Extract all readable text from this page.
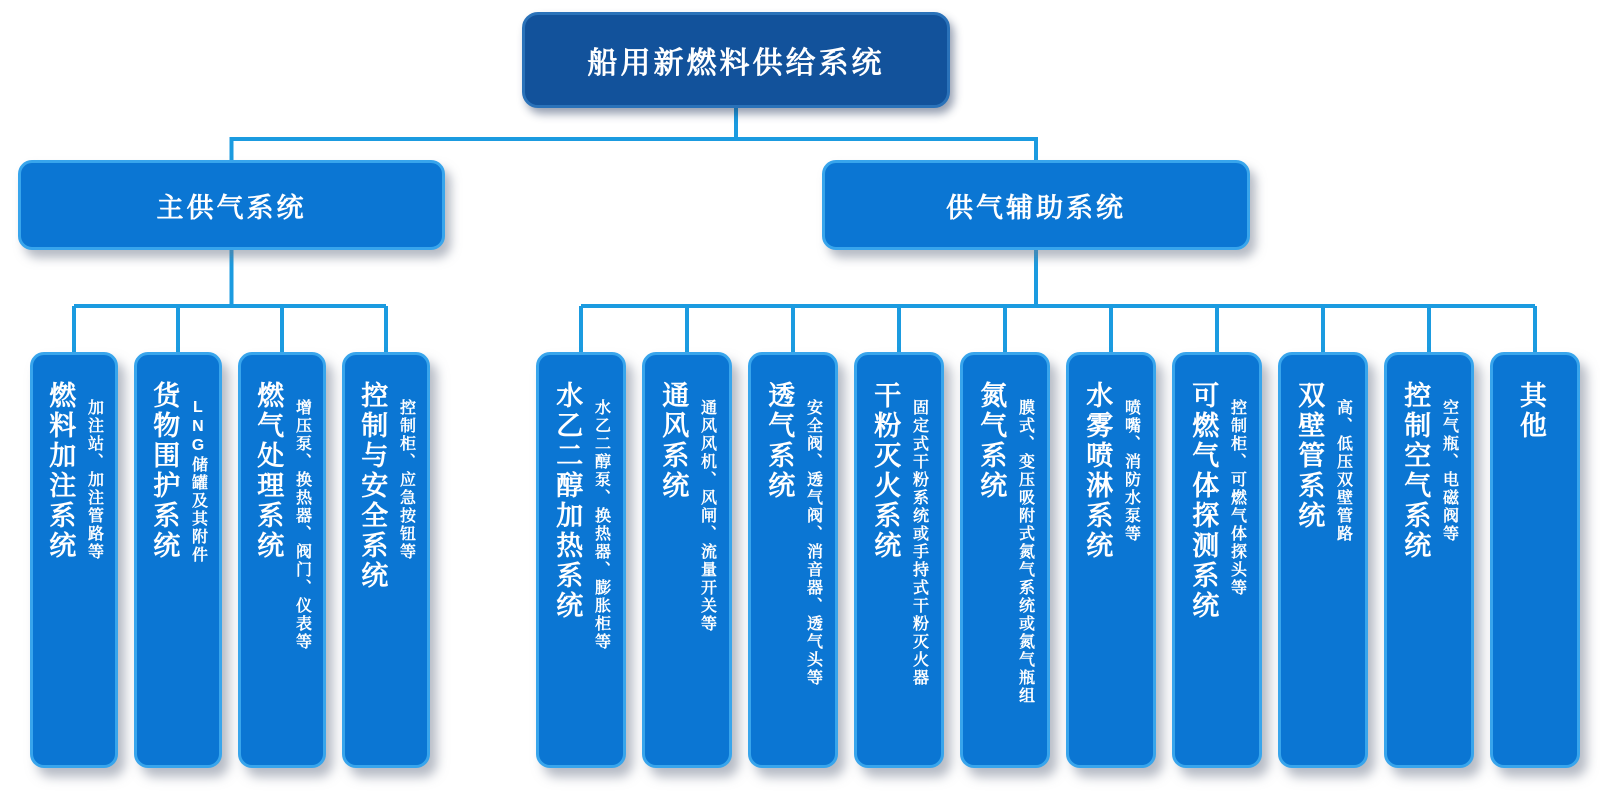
船用新燃料供给系统
主供气系统	供气辅助系统
燃料加注系统 加注站、加注管路等 货物围护系统 LNG储罐及其附件 燃气处理系统 增压泵、换热器、阀门、仪表等 控制与安全系统 控制柜、应急按钮等	水乙二醇加热系统 水乙二醇泵、换热器、膨胀柜等 通风系统 通风风机、风闸、流量开关等 透气系统 安全阀、透气阀、消音器、透气头等 干粉灭火系统 固定式干粉系统或手持式干粉灭火器 氮气系统 膜式、变压吸附式氮气系统或氮气瓶组 水雾喷淋系统 喷嘴、消防水泵等 可燃气体探测系统 控制柜、可燃气体探头等 双壁管系统 高、低压双壁管路 控制空气系统 空气瓶、电磁阀等 其他
